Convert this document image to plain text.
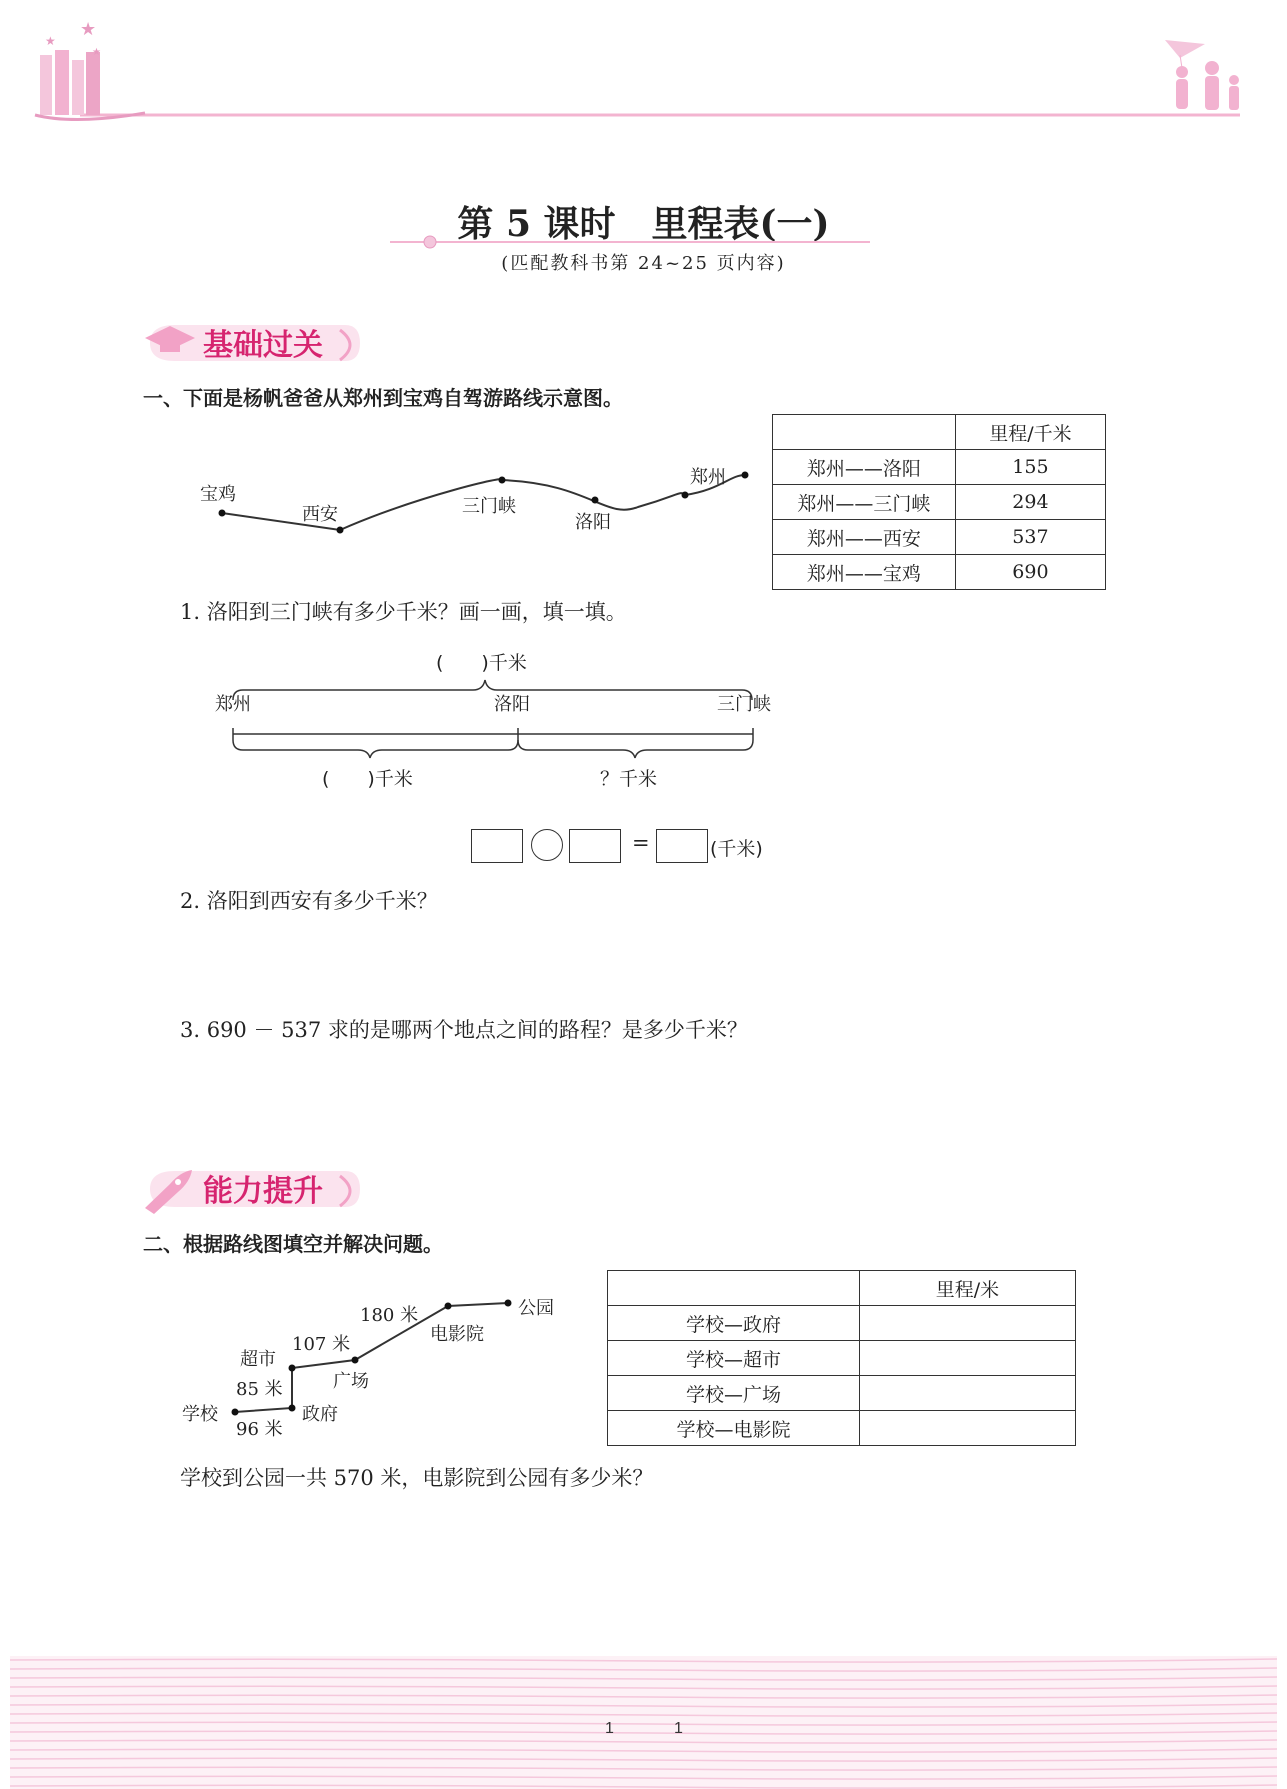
★
★
★
第 5 课时　里程表(一)
(匹配教科书第 24~25 页内容)
基础过关
一、下面是杨帆爸爸从郑州到宝鸡自驾游路线示意图。
宝鸡
西安	三门峡
洛阳
郑州
	里程/千米
郑州——洛阳	155
郑州——三门峡	294
郑州——西安	537
郑州——宝鸡	690
1. 洛阳到三门峡有多少千米？画一画，填一填。
(　　)千米
郑州	洛阳	三门峡
(　　)千米	？千米
=	(千米)
2. 洛阳到西安有多少千米？
3. 690 － 537 求的是哪两个地点之间的路程？是多少千米？
能力提升
二、根据路线图填空并解决问题。
学校
96 米
政府
85 米
超市
107 米
广场
180 米
电影院
公园
	里程/米
学校—政府	
学校—超市	
学校—广场	
学校—电影院	
学校到公园一共 570 米，电影院到公园有多少米？
1	1
